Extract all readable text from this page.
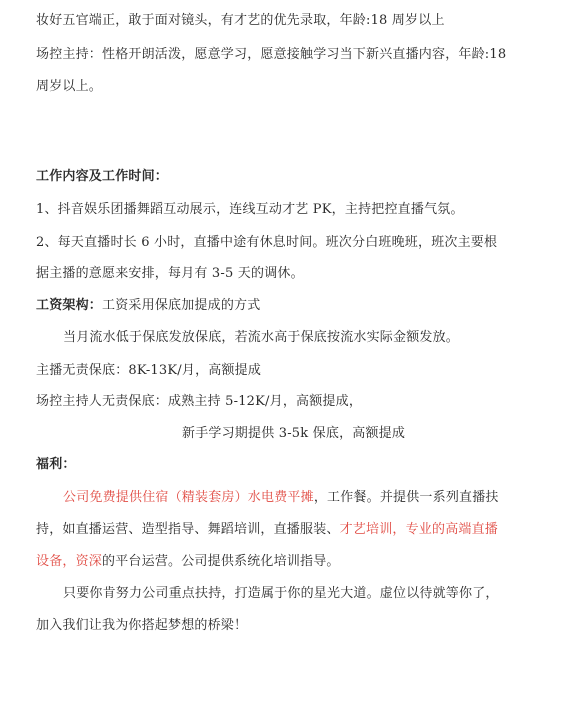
妆好五官端正，敢于面对镜头，有才艺的优先录取，年龄:18 周岁以上
场控主持：性格开朗活泼，愿意学习，愿意接触学习当下新兴直播内容，年龄:18
周岁以上。
工作内容及工作时间：
1、抖音娱乐团播舞蹈互动展示，连线互动才艺 PK，主持把控直播气氛。
2、每天直播时长 6 小时，直播中途有休息时间。班次分白班晚班，班次主要根
据主播的意愿来安排，每月有 3-5 天的调休。
工资架构：工资采用保底加提成的方式
当月流水低于保底发放保底，若流水高于保底按流水实际金额发放。
主播无责保底：8K-13K/月，高额提成
场控主持人无责保底：成熟主持 5-12K/月，高额提成，
新手学习期提供 3-5k 保底，高额提成
福利：
公司免费提供住宿（精装套房）水电费平摊，工作餐。并提供一系列直播扶
持，如直播运营、造型指导、舞蹈培训，直播服装、才艺培训，专业的高端直播
设备，资深的平台运营。公司提供系统化培训指导。
只要你肯努力公司重点扶持，打造属于你的星光大道。虚位以待就等你了，
加入我们让我为你搭起梦想的桥梁！
